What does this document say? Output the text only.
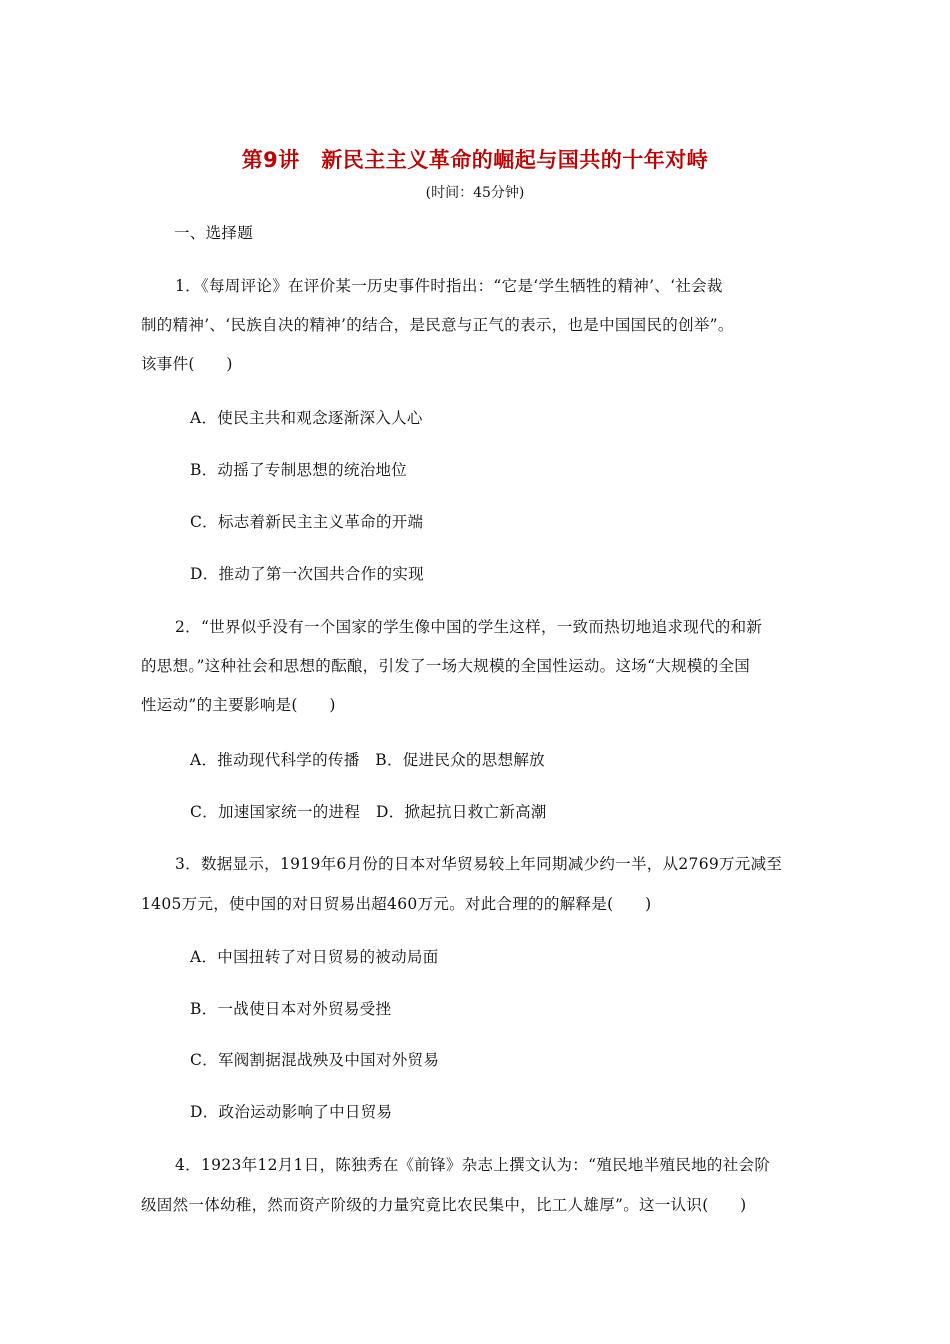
第9讲　新民主主义革命的崛起与国共的十年对峙
(时间：45分钟)
一、选择题
1．《每周评论》在评价某一历史事件时指出：“它是‘学生牺牲的精神’、‘社会裁
制的精神’、‘民族自决的精神’的结合，是民意与正气的表示，也是中国国民的创举”。
该事件(　　)
A．使民主共和观念逐渐深入人心
B．动摇了专制思想的统治地位
C．标志着新民主主义革命的开端
D．推动了第一次国共合作的实现
2．“世界似乎没有一个国家的学生像中国的学生这样，一致而热切地追求现代的和新
的思想。”这种社会和思想的酝酿，引发了一场大规模的全国性运动。这场“大规模的全国
性运动”的主要影响是(　　)
A．推动现代科学的传播　B．促进民众的思想解放
C．加速国家统一的进程　D．掀起抗日救亡新高潮
3．数据显示，1919年6月份的日本对华贸易较上年同期减少约一半，从2769万元减至
1405万元，使中国的对日贸易出超460万元。对此合理的的解释是(　　)
A．中国扭转了对日贸易的被动局面
B．一战使日本对外贸易受挫
C．军阀割据混战殃及中国对外贸易
D．政治运动影响了中日贸易
4．1923年12月1日，陈独秀在《前锋》杂志上撰文认为：“殖民地半殖民地的社会阶
级固然一体幼稚，然而资产阶级的力量究竟比农民集中，比工人雄厚”。这一认识(　　)
